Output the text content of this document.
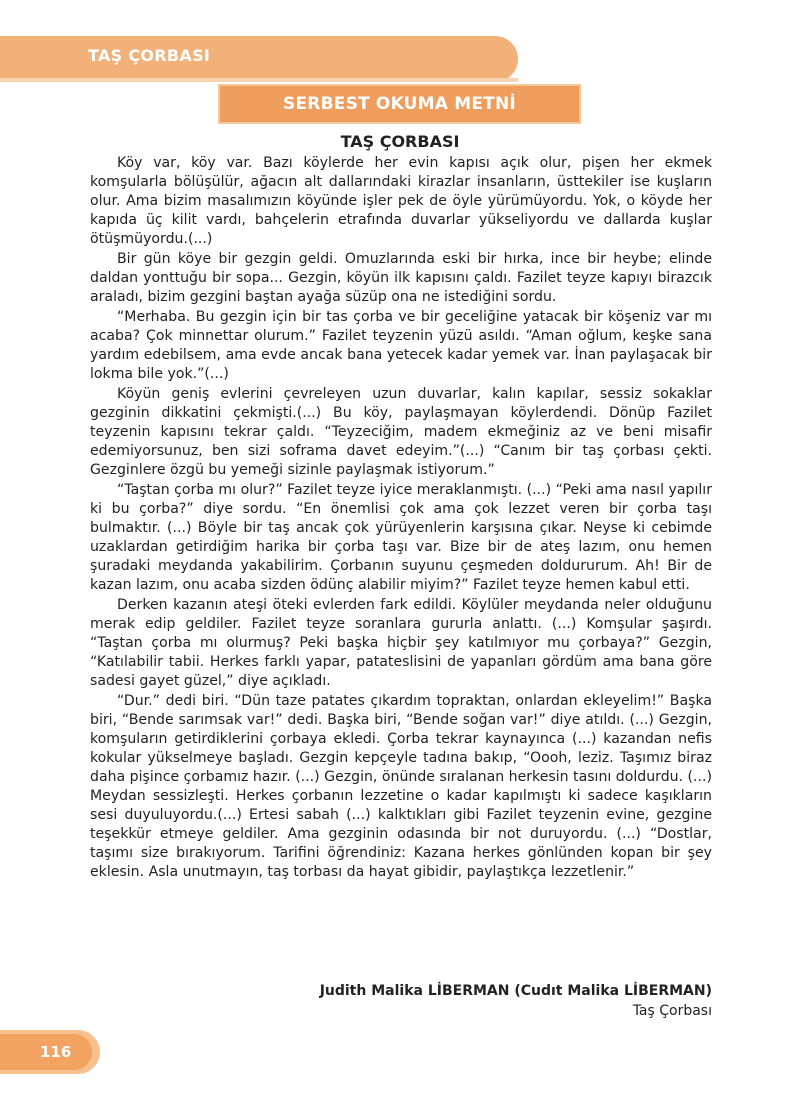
TAŞ ÇORBASI
SERBEST OKUMA METNİ
TAŞ ÇORBASI

Köy var, köy var. Bazı köylerde her evin kapısı açık olur, pişen her ekmek komşularla bölüşülür, ağacın alt dallarındaki kirazlar insanların, üsttekiler ise kuşların olur. Ama bizim masalımızın köyünde işler pek de öyle yürümüyordu. Yok, o köyde her kapıda üç kilit vardı, bahçelerin etrafında duvarlar yükseliyordu ve dallarda kuşlar ötüşmüyordu.(...)

Bir gün köye bir gezgin geldi. Omuzlarında eski bir hırka, ince bir heybe; elinde daldan yonttuğu bir sopa... Gezgin, köyün ilk kapısını çaldı. Fazilet teyze kapıyı birazcık araladı, bizim gezgini baştan ayağa süzüp ona ne istediğini sordu.

“Merhaba. Bu gezgin için bir tas çorba ve bir geceliğine yatacak bir köşeniz var mı acaba? Çok minnettar olurum.” Fazilet teyzenin yüzü asıldı. “Aman oğlum, keşke sana yardım edebilsem, ama evde ancak bana yetecek kadar yemek var. İnan paylaşacak bir lokma bile yok.”(...)

Köyün geniş evlerini çevreleyen uzun duvarlar, kalın kapılar, sessiz sokaklar gezginin dikkatini çekmişti.(...) Bu köy, paylaşmayan köylerdendi. Dönüp Fazilet teyzenin kapısını tekrar çaldı. “Teyzeciğim, madem ekmeğiniz az ve beni misafir edemiyorsunuz, ben sizi soframa davet edeyim.”(...) “Canım bir taş çorbası çekti. Gezginlere özgü bu yemeği sizinle paylaşmak istiyorum.”

“Taştan çorba mı olur?” Fazilet teyze iyice meraklanmıştı. (...) “Peki ama nasıl yapılır ki bu çorba?” diye sordu. “En önemlisi çok ama çok lezzet veren bir çorba taşı bulmaktır. (...) Böyle bir taş ancak çok yürüyenlerin karşısına çıkar. Neyse ki cebimde uzaklardan getirdiğim harika bir çorba taşı var. Bize bir de ateş lazım, onu hemen şuradaki meydanda yakabilirim. Çorbanın suyunu çeşmeden doldururum. Ah! Bir de kazan lazım, onu acaba sizden ödünç alabilir miyim?” Fazilet teyze hemen kabul etti.

Derken kazanın ateşi öteki evlerden fark edildi. Köylüler meydanda neler olduğunu merak edip geldiler. Fazilet teyze soranlara gururla anlattı. (...) Komşular şaşırdı. “Taştan çorba mı olurmuş? Peki başka hiçbir şey katılmıyor mu çorbaya?” Gezgin, “Katılabilir tabii. Herkes farklı yapar, patateslisini de yapanları gördüm ama bana göre sadesi gayet güzel,” diye açıkladı.

“Dur.” dedi biri. “Dün taze patates çıkardım topraktan, onlardan ekleyelim!” Başka biri, “Bende sarımsak var!” dedi. Başka biri, “Bende soğan var!” diye atıldı. (...) Gezgin, komşuların getirdiklerini çorbaya ekledi. Çorba tekrar kaynayınca (...) kazandan nefis kokular yükselmeye başladı. Gezgin kepçeyle tadına bakıp, “Oooh, leziz. Taşımız biraz daha pişince çorbamız hazır. (...) Gezgin, önünde sıralanan herkesin tasını doldurdu. (...) Meydan sessizleşti. Herkes çorbanın lezzetine o kadar kapılmıştı ki sadece kaşıkların sesi duyuluyordu.(...) Ertesi sabah (...) kalktıkları gibi Fazilet teyzenin evine, gezgine teşekkür etmeye geldiler. Ama gezginin odasında bir not duruyordu. (...) “Dostlar, taşımı size bırakıyorum. Tarifini öğrendiniz: Kazana herkes gönlünden kopan bir şey eklesin. Asla unutmayın, taş torbası da hayat gibidir, paylaştıkça lezzetlenir.”

Judith Malika LİBERMAN (Cudıt Malika LİBERMAN)
Taş Çorbası
116
